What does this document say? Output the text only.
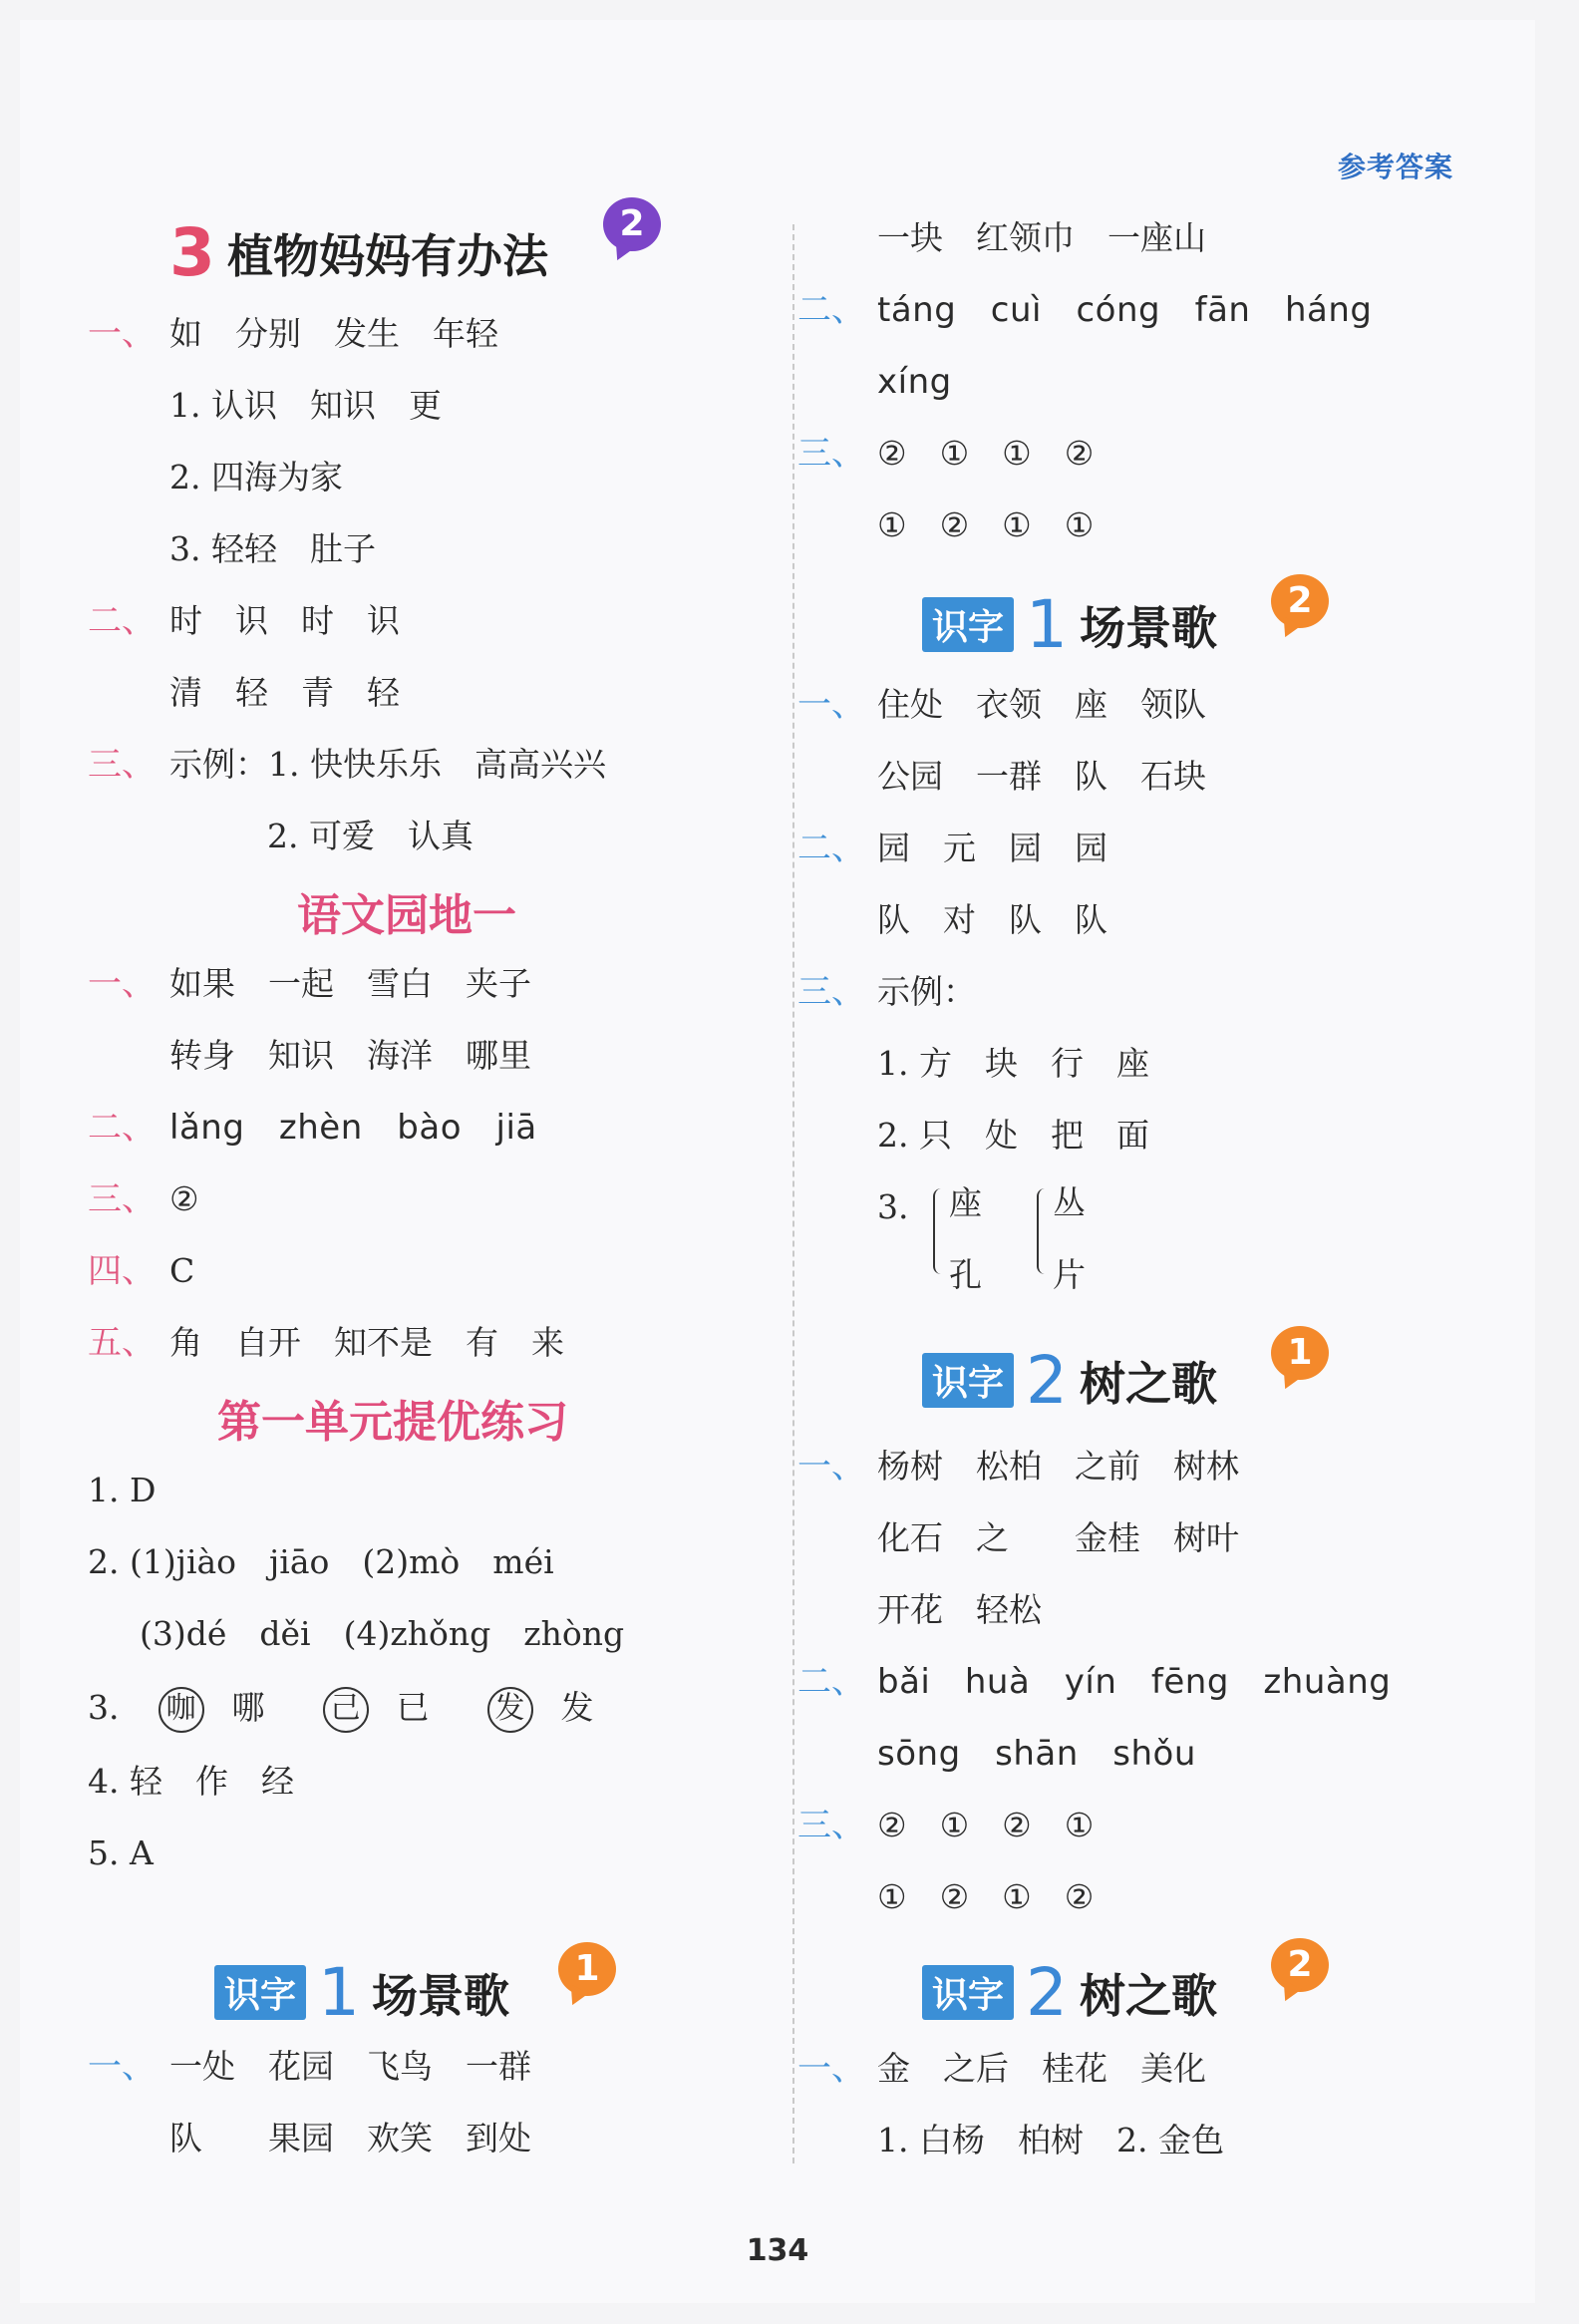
参考答案
3 植物妈妈有办法
2
一、 如　分别　发生　年轻
1. 认识　知识　更
2. 四海为家
3. 轻轻　肚子
二、 时　识　时　识
清　轻　青　轻
三、 示例：1. 快快乐乐　高高兴兴
2. 可爱　认真
语文园地一
一、 如果　一起　雪白　夹子
转身　知识　海洋　哪里
二、 lǎng　zhèn　bào　jiā
三、 ②
四、 C
五、 角　自开　知不是　有　来
第一单元提优练习
1. D
2. (1)jiào　jiāo　(2)mò　méi
(3)dé　děi　(4)zhǒng　zhòng
3. 咖 哪 己 已 发 发
4. 轻　作　经
5. A
识字 1 场景歌	1
一、 一处　花园　飞鸟　一群
队　　果园　欢笑　到处
一块　红领巾　一座山
二、 táng　cuì　cóng　fān　háng
xíng
三、 ②　①　①　②
①　②　①　①
识字 1 场景歌	2
一、 住处　衣领　座　领队
公园　一群　队　石块
二、 园　元　园　园
队　对　队　队
三、 示例：
1. 方　块　行　座
2. 只　处　把　面
3. 座
孔
丛
片
识字 2 树之歌
1
一、 杨树　松柏　之前　树林
化石　之　　金桂　树叶
开花　轻松
二、 bǎi　huà　yín　fēng　zhuàng
sōng　shān　shǒu
三、 ②　①　②　①
①　②　①　②
识字 2 树之歌
2
一、 金　之后　桂花　美化
1. 白杨　柏树　2. 金色
134
